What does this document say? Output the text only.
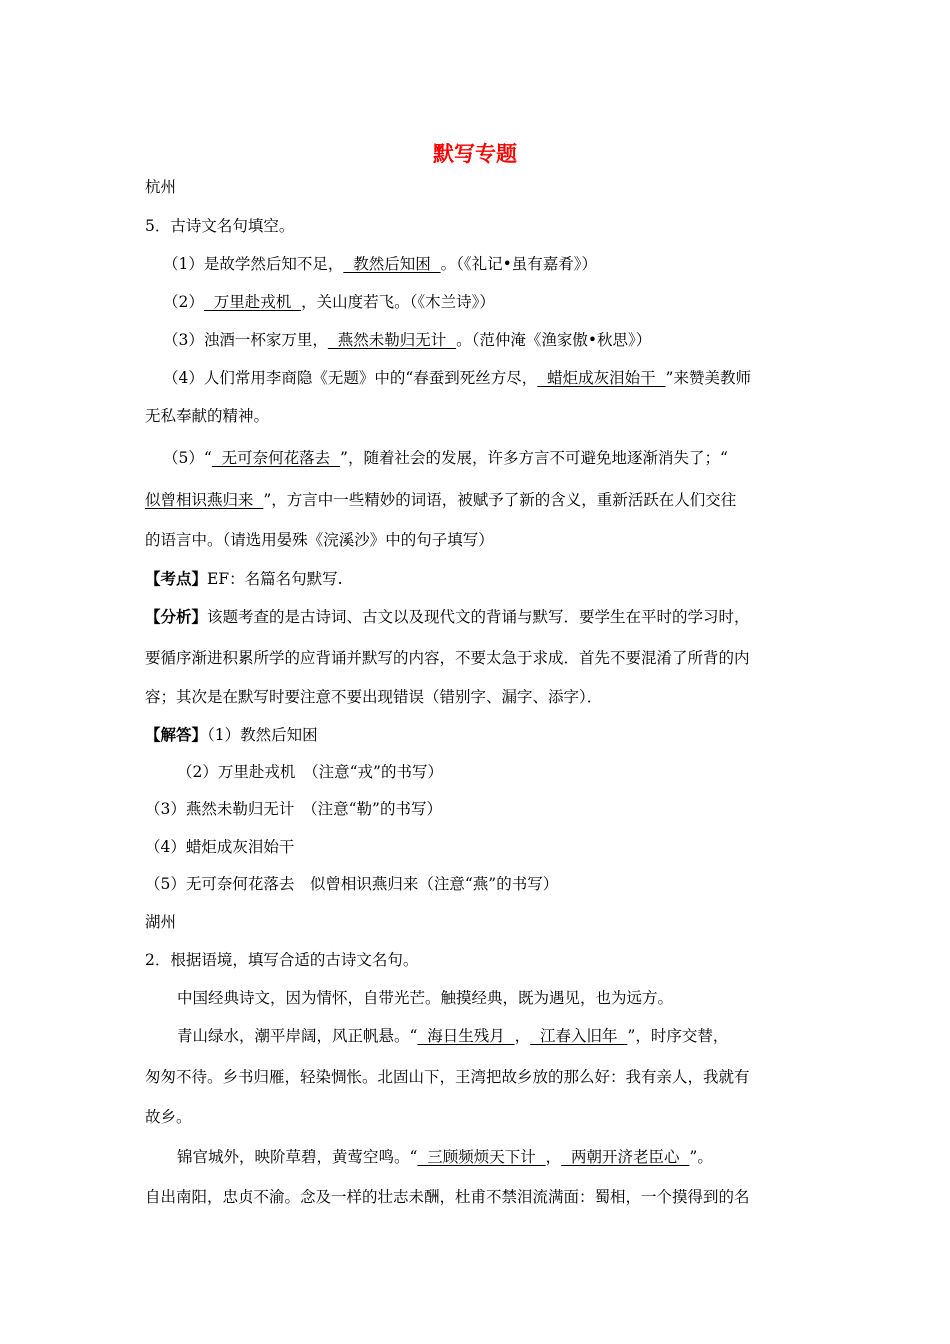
默写专题
杭州
5．古诗文名句填空。
（1）是故学然后知不足，  教然后知困  。（《礼记•虽有嘉肴》）
（2）  万里赴戎机  ，关山度若飞。（《木兰诗》）
（3）浊酒一杯家万里，  燕然未勒归无计  。（范仲淹《渔家傲•秋思》）
（4）人们常用李商隐《无题》中的“春蚕到死丝方尽，  蜡炬成灰泪始干  ”来赞美教师
无私奉献的精神。
（5）“  无可奈何花落去  ”，随着社会的发展，许多方言不可避免地逐渐消失了；“
似曾相识燕归来  ”，方言中一些精妙的词语，被赋予了新的含义，重新活跃在人们交往
的语言中。（请选用晏殊《浣溪沙》中的句子填写）
【考点】EF：名篇名句默写.
【分析】该题考查的是古诗词、古文以及现代文的背诵与默写．要学生在平时的学习时，
要循序渐进积累所学的应背诵并默写的内容，不要太急于求成．首先不要混淆了所背的内
容；其次是在默写时要注意不要出现错误（错别字、漏字、添字）．
【解答】（1）教然后知困
（2）万里赴戎机　（注意“戎”的书写）
（3）燕然未勒归无计　（注意“勒”的书写）
（4）蜡炬成灰泪始干
（5）无可奈何花落去　似曾相识燕归来（注意“燕”的书写）
湖州
2．根据语境，填写合适的古诗文名句。
中国经典诗文，因为情怀，自带光芒。触摸经典，既为遇见，也为远方。
青山绿水，潮平岸阔，风正帆悬。“  海日生残月  ，  江春入旧年  ”，时序交替，
匆匆不待。乡书归雁，轻染惆怅。北固山下，王湾把故乡放的那么好：我有亲人，我就有
故乡。
锦官城外，映阶草碧，黄莺空鸣。“  三顾频烦天下计  ，  两朝开济老臣心  ”。
自出南阳，忠贞不渝。念及一样的壮志未酬，杜甫不禁泪流满面：蜀相，一个摸得到的名
